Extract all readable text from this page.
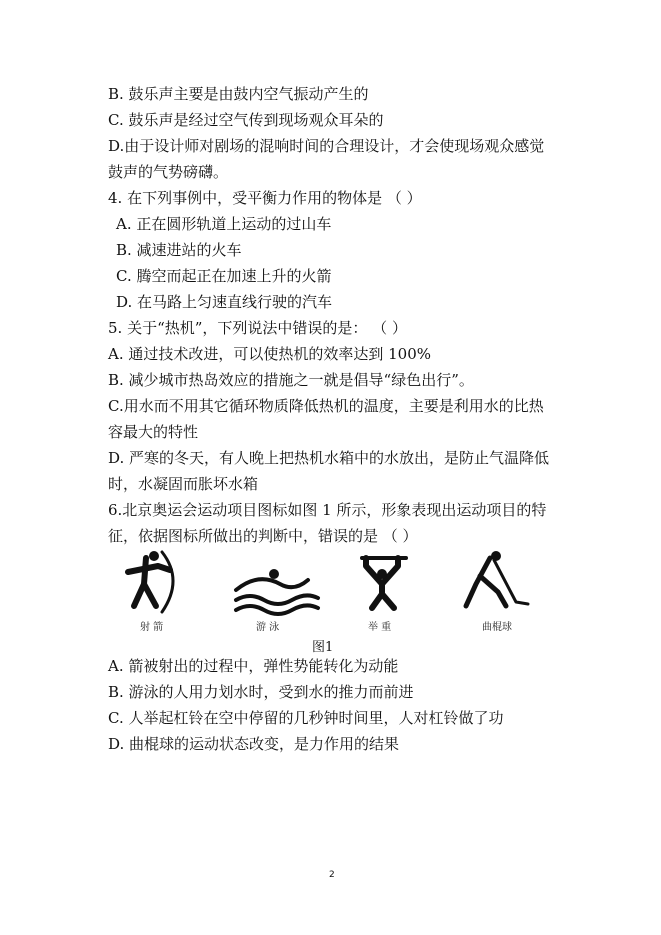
B. 鼓乐声主要是由鼓内空气振动产生的
C. 鼓乐声是经过空气传到现场观众耳朵的
D.由于设计师对剧场的混响时间的合理设计，才会使现场观众感觉
鼓声的气势磅礴。
4. 在下列事例中，受平衡力作用的物体是 （ ）
A. 正在圆形轨道上运动的过山车
B. 减速进站的火车
C. 腾空而起正在加速上升的火箭
D. 在马路上匀速直线行驶的汽车
5. 关于“热机”，下列说法中错误的是： （ ）
A. 通过技术改进，可以使热机的效率达到 100%
B. 减少城市热岛效应的措施之一就是倡导“绿色出行”。
C.用水而不用其它循环物质降低热机的温度，主要是利用水的比热
容最大的特性
D. 严寒的冬天，有人晚上把热机水箱中的水放出，是防止气温降低
时，水凝固而胀坏水箱
6.北京奥运会运动项目图标如图 1 所示，形象表现出运动项目的特
征，依据图标所做出的判断中，错误的是 （ ）
射 箭	游 泳	举 重	曲棍球
图1
A. 箭被射出的过程中，弹性势能转化为动能
B. 游泳的人用力划水时，受到水的推力而前进
C. 人举起杠铃在空中停留的几秒钟时间里，人对杠铃做了功
D. 曲棍球的运动状态改变，是力作用的结果
2
